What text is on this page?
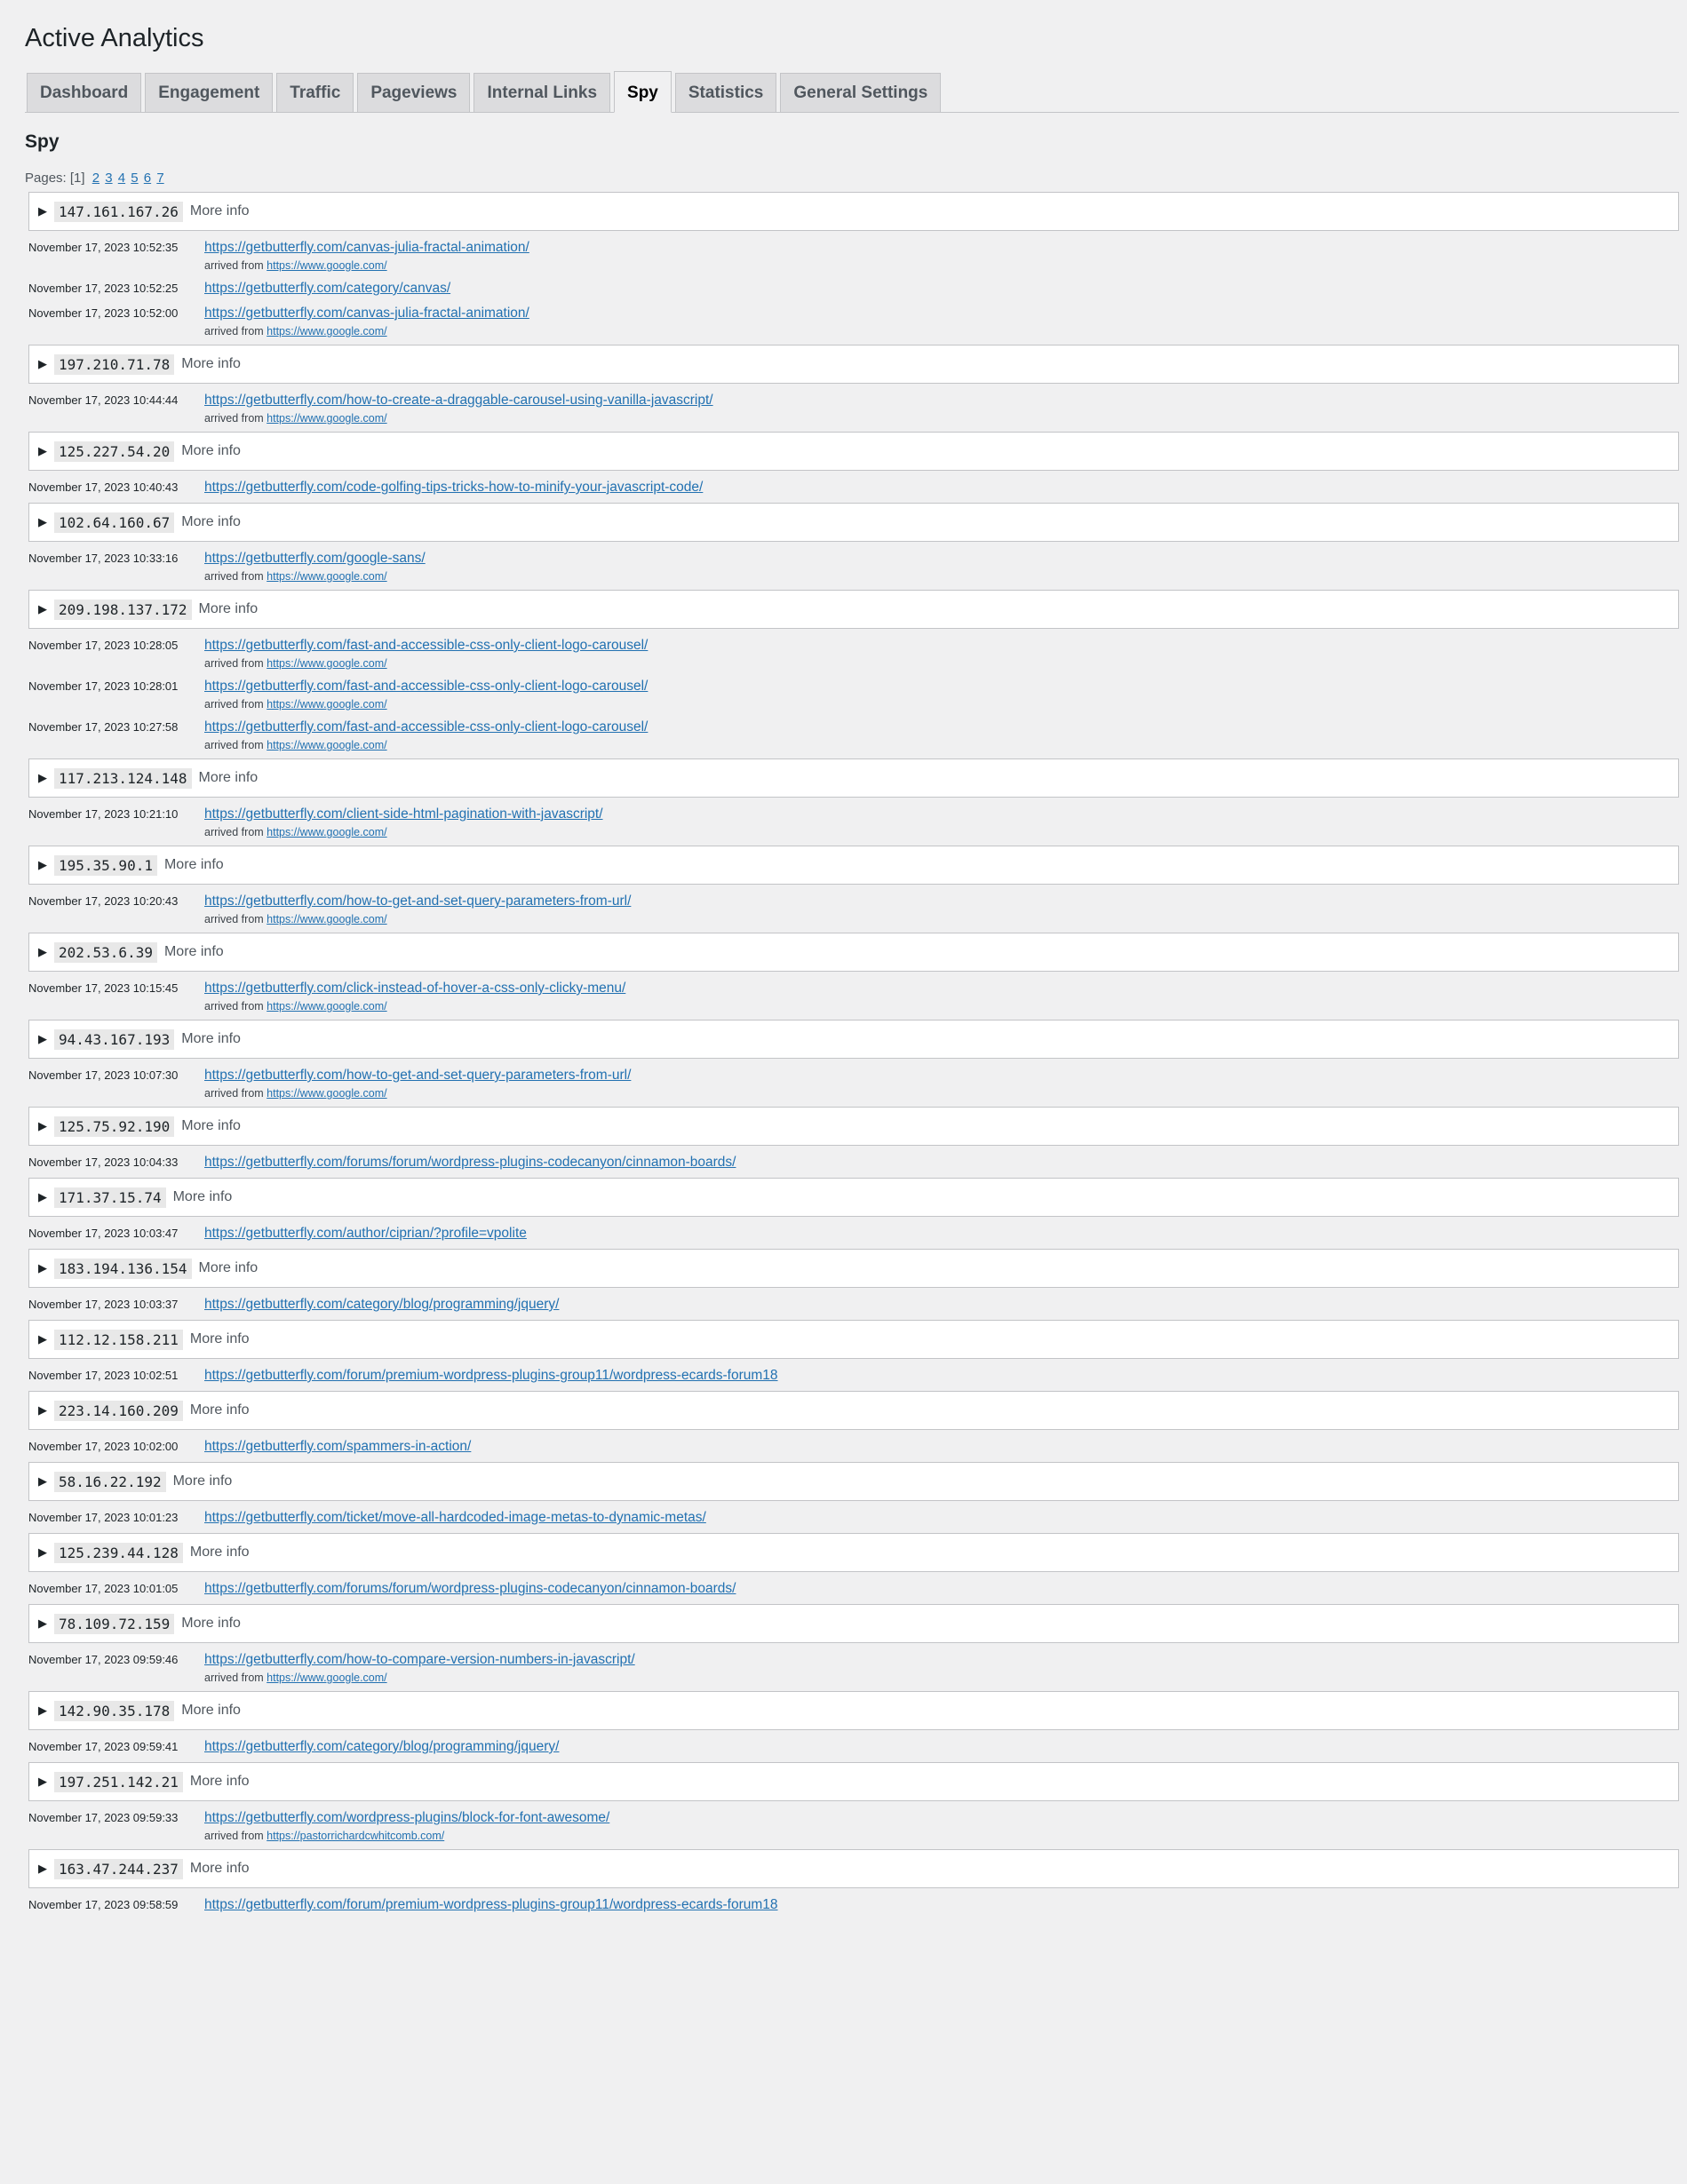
Active Analytics
Dashboard	Engagement	Traffic	Pageviews	Internal Links	Spy	Statistics	General Settings
Spy
Pages: [1] 2 3 4 5 6 7
▶ 147.161.167.26 More info
November 17, 2023 10:52:35	https://getbutterfly.com/canvas-julia-fractal-animation/
arrived from https://www.google.com/
November 17, 2023 10:52:25	https://getbutterfly.com/category/canvas/
November 17, 2023 10:52:00	https://getbutterfly.com/canvas-julia-fractal-animation/
arrived from https://www.google.com/
▶ 197.210.71.78 More info
November 17, 2023 10:44:44	https://getbutterfly.com/how-to-create-a-draggable-carousel-using-vanilla-javascript/
arrived from https://www.google.com/
▶ 125.227.54.20 More info
November 17, 2023 10:40:43	https://getbutterfly.com/code-golfing-tips-tricks-how-to-minify-your-javascript-code/
▶ 102.64.160.67 More info
November 17, 2023 10:33:16	https://getbutterfly.com/google-sans/
arrived from https://www.google.com/
▶ 209.198.137.172 More info
November 17, 2023 10:28:05	https://getbutterfly.com/fast-and-accessible-css-only-client-logo-carousel/
arrived from https://www.google.com/
November 17, 2023 10:28:01	https://getbutterfly.com/fast-and-accessible-css-only-client-logo-carousel/
arrived from https://www.google.com/
November 17, 2023 10:27:58	https://getbutterfly.com/fast-and-accessible-css-only-client-logo-carousel/
arrived from https://www.google.com/
▶ 117.213.124.148 More info
November 17, 2023 10:21:10	https://getbutterfly.com/client-side-html-pagination-with-javascript/
arrived from https://www.google.com/
▶ 195.35.90.1 More info
November 17, 2023 10:20:43	https://getbutterfly.com/how-to-get-and-set-query-parameters-from-url/
arrived from https://www.google.com/
▶ 202.53.6.39 More info
November 17, 2023 10:15:45	https://getbutterfly.com/click-instead-of-hover-a-css-only-clicky-menu/
arrived from https://www.google.com/
▶ 94.43.167.193 More info
November 17, 2023 10:07:30	https://getbutterfly.com/how-to-get-and-set-query-parameters-from-url/
arrived from https://www.google.com/
▶ 125.75.92.190 More info
November 17, 2023 10:04:33	https://getbutterfly.com/forums/forum/wordpress-plugins-codecanyon/cinnamon-boards/
▶ 171.37.15.74 More info
November 17, 2023 10:03:47	https://getbutterfly.com/author/ciprian/?profile=vpolite
▶ 183.194.136.154 More info
November 17, 2023 10:03:37	https://getbutterfly.com/category/blog/programming/jquery/
▶ 112.12.158.211 More info
November 17, 2023 10:02:51	https://getbutterfly.com/forum/premium-wordpress-plugins-group11/wordpress-ecards-forum18
▶ 223.14.160.209 More info
November 17, 2023 10:02:00	https://getbutterfly.com/spammers-in-action/
▶ 58.16.22.192 More info
November 17, 2023 10:01:23	https://getbutterfly.com/ticket/move-all-hardcoded-image-metas-to-dynamic-metas/
▶ 125.239.44.128 More info
November 17, 2023 10:01:05	https://getbutterfly.com/forums/forum/wordpress-plugins-codecanyon/cinnamon-boards/
▶ 78.109.72.159 More info
November 17, 2023 09:59:46	https://getbutterfly.com/how-to-compare-version-numbers-in-javascript/
arrived from https://www.google.com/
▶ 142.90.35.178 More info
November 17, 2023 09:59:41	https://getbutterfly.com/category/blog/programming/jquery/
▶ 197.251.142.21 More info
November 17, 2023 09:59:33	https://getbutterfly.com/wordpress-plugins/block-for-font-awesome/
arrived from https://pastorrichardcwhitcomb.com/
▶ 163.47.244.237 More info
November 17, 2023 09:58:59	https://getbutterfly.com/forum/premium-wordpress-plugins-group11/wordpress-ecards-forum18
